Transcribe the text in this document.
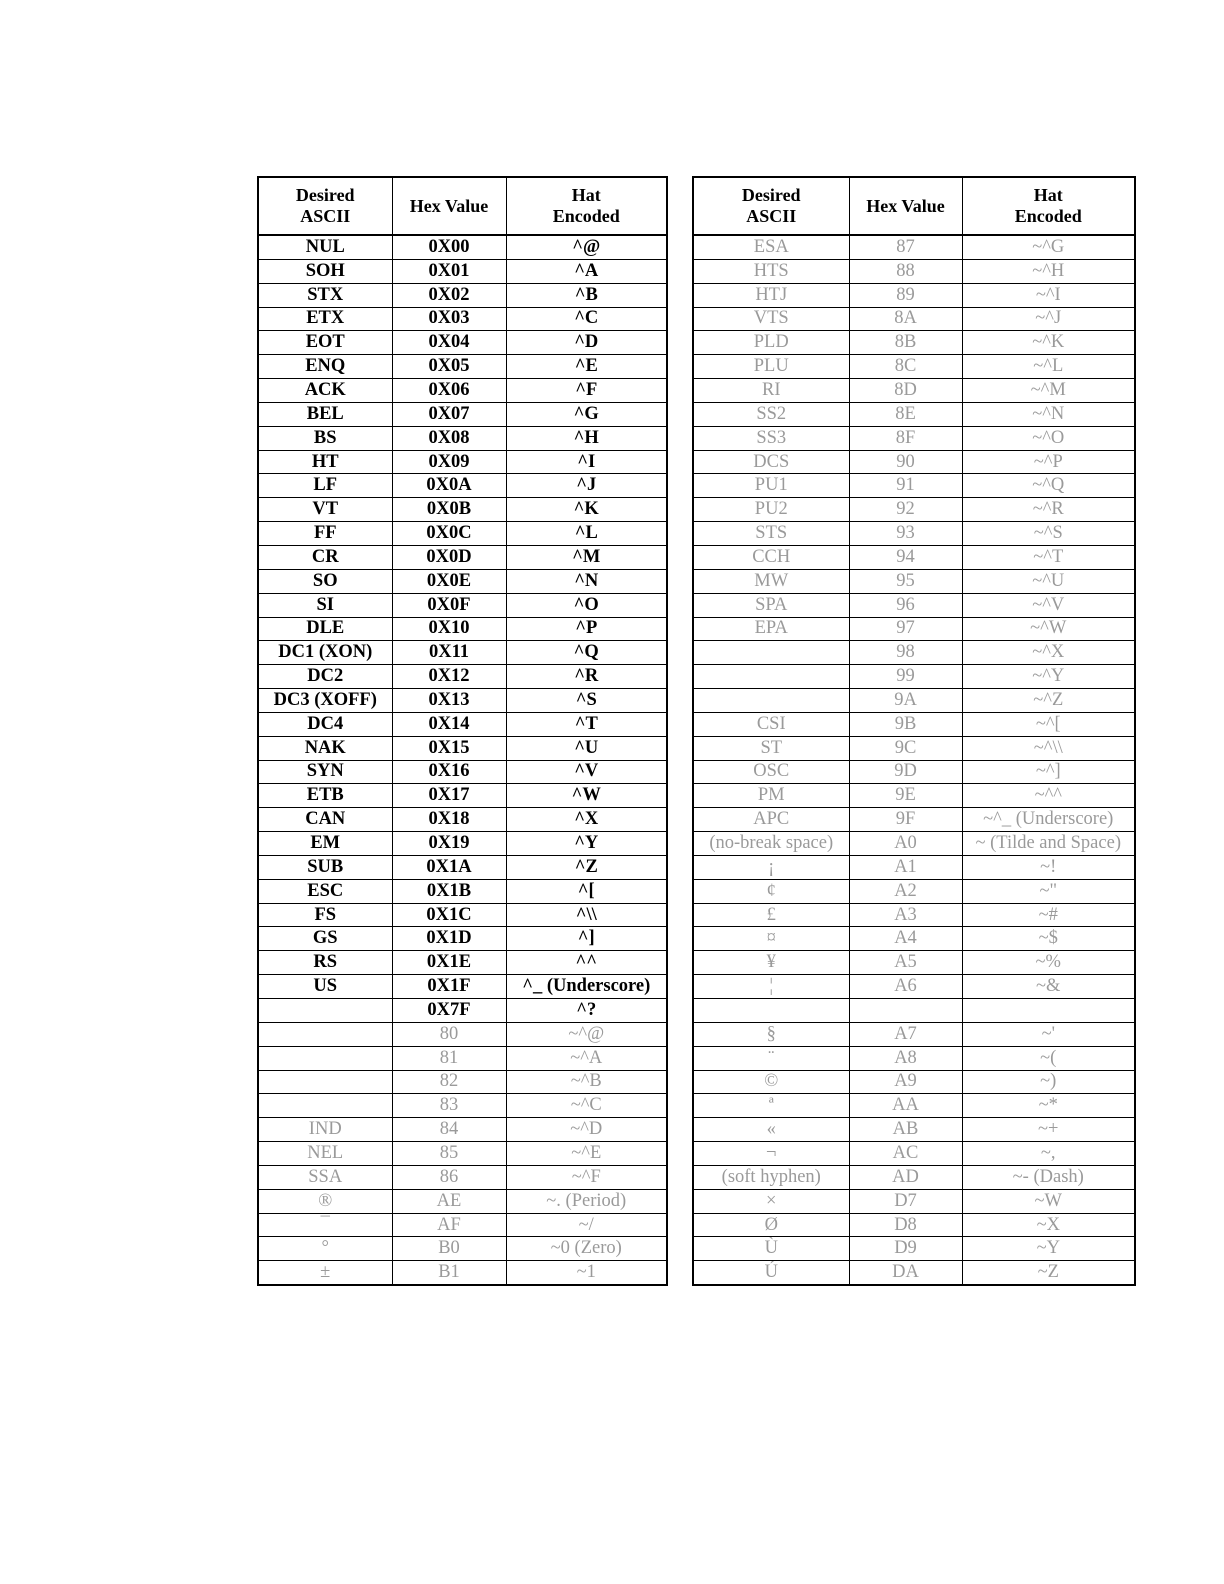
Desired
ASCII	Hex Value	Hat
Encoded
NUL	0X00	^@
SOH	0X01	^A
STX	0X02	^B
ETX	0X03	^C
EOT	0X04	^D
ENQ	0X05	^E
ACK	0X06	^F
BEL	0X07	^G
BS	0X08	^H
HT	0X09	^I
LF	0X0A	^J
VT	0X0B	^K
FF	0X0C	^L
CR	0X0D	^M
SO	0X0E	^N
SI	0X0F	^O
DLE	0X10	^P
DC1 (XON)	0X11	^Q
DC2	0X12	^R
DC3 (XOFF)	0X13	^S
DC4	0X14	^T
NAK	0X15	^U
SYN	0X16	^V
ETB	0X17	^W
CAN	0X18	^X
EM	0X19	^Y
SUB	0X1A	^Z
ESC	0X1B	^[
FS	0X1C	^\\
GS	0X1D	^]
RS	0X1E	^^
US	0X1F	^_ (Underscore)
	0X7F	^?
	80	~^@
	81	~^A
	82	~^B
	83	~^C
IND	84	~^D
NEL	85	~^E
SSA	86	~^F
®	AE	~. (Period)
¯	AF	~/
°	B0	~0 (Zero)
±	B1	~1
Desired
ASCII	Hex Value	Hat
Encoded
ESA	87	~^G
HTS	88	~^H
HTJ	89	~^I
VTS	8A	~^J
PLD	8B	~^K
PLU	8C	~^L
RI	8D	~^M
SS2	8E	~^N
SS3	8F	~^O
DCS	90	~^P
PU1	91	~^Q
PU2	92	~^R
STS	93	~^S
CCH	94	~^T
MW	95	~^U
SPA	96	~^V
EPA	97	~^W
	98	~^X
	99	~^Y
	9A	~^Z
CSI	9B	~^[
ST	9C	~^\\
OSC	9D	~^]
PM	9E	~^^
APC	9F	~^_ (Underscore)
(no-break space)	A0	~ (Tilde and Space)
¡	A1	~!
¢	A2	~"
£	A3	~#
¤	A4	~$
¥	A5	~%
¦	A6	~&

§	A7	~'
¨	A8	~(
©	A9	~)
ª	AA	~*
«	AB	~+
¬	AC	~,
(soft hyphen)	AD	~- (Dash)
×	D7	~W
Ø	D8	~X
Ù	D9	~Y
Ú	DA	~Z
